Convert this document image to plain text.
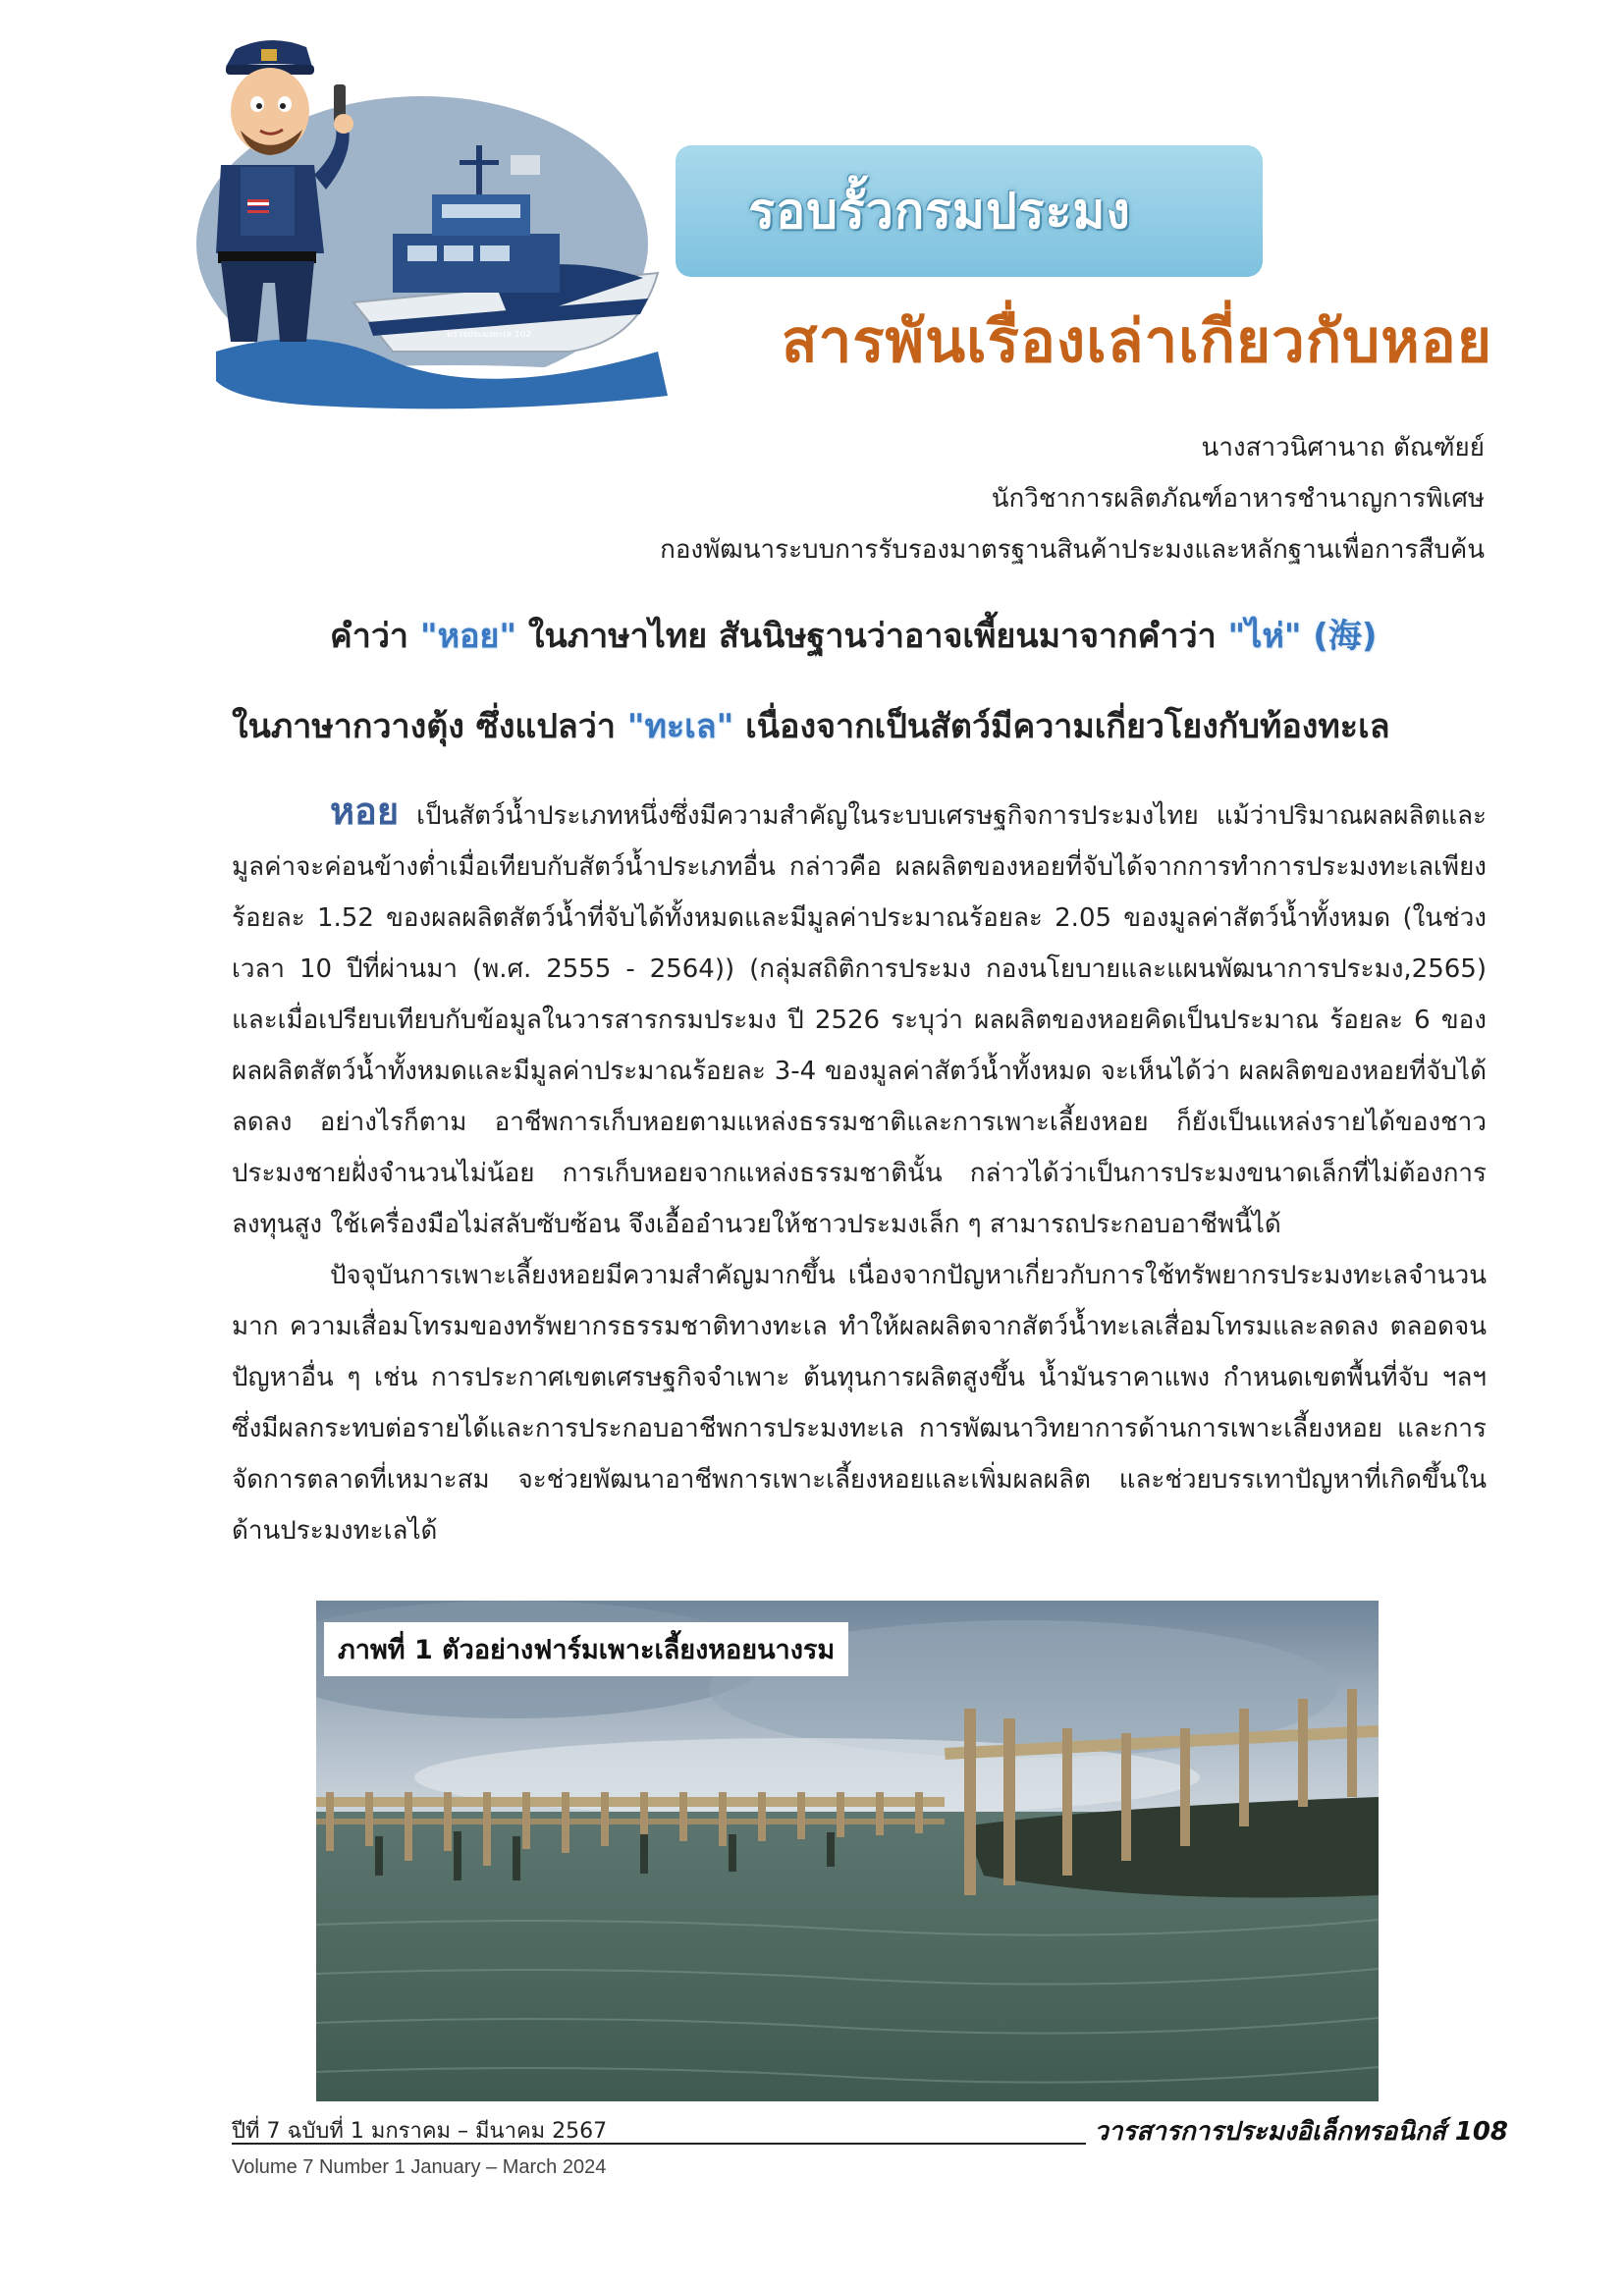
ตรวจประมงทะเล 102
รอบรั้วกรมประมง
สารพันเรื่องเล่าเกี่ยวกับหอย
นางสาวนิศานาถ ตัณฑัยย์
นักวิชาการผลิตภัณฑ์อาหารชำนาญการพิเศษ
กองพัฒนาระบบการรับรองมาตรฐานสินค้าประมงและหลักฐานเพื่อการสืบค้น
คำว่า "หอย" ในภาษาไทย สันนิษฐานว่าอาจเพี้ยนมาจากคำว่า "ไห่" (海)
ในภาษากวางตุ้ง ซึ่งแปลว่า "ทะเล" เนื่องจากเป็นสัตว์มีความเกี่ยวโยงกับท้องทะเล

หอย เป็นสัตว์น้ำประเภทหนึ่งซึ่งมีความสำคัญในระบบเศรษฐกิจการประมงไทย แม้ว่าปริมาณผลผลิตและมูลค่าจะค่อนข้างต่ำเมื่อเทียบกับสัตว์น้ำประเภทอื่น กล่าวคือ ผลผลิตของหอยที่จับได้จากการทำการประมงทะเลเพียง ร้อยละ 1.52 ของผลผลิตสัตว์น้ำที่จับได้ทั้งหมดและมีมูลค่าประมาณร้อยละ 2.05 ของมูลค่าสัตว์น้ำทั้งหมด (ในช่วงเวลา 10 ปีที่ผ่านมา (พ.ศ. 2555 - 2564)) (กลุ่มสถิติการประมง กองนโยบายและแผนพัฒนาการประมง,2565) และเมื่อเปรียบเทียบกับข้อมูลในวารสารกรมประมง ปี 2526 ระบุว่า ผลผลิตของหอยคิดเป็นประมาณ ร้อยละ 6 ของผลผลิตสัตว์น้ำทั้งหมดและมีมูลค่าประมาณร้อยละ 3-4 ของมูลค่าสัตว์น้ำทั้งหมด จะเห็นได้ว่า ผลผลิตของหอยที่จับได้ลดลง อย่างไรก็ตาม อาชีพการเก็บหอยตามแหล่งธรรมชาติและการเพาะเลี้ยงหอย ก็ยังเป็นแหล่งรายได้ของชาวประมงชายฝั่งจำนวนไม่น้อย การเก็บหอยจากแหล่งธรรมชาตินั้น กล่าวได้ว่าเป็นการประมงขนาดเล็กที่ไม่ต้องการลงทุนสูง ใช้เครื่องมือไม่สลับซับซ้อน จึงเอื้ออำนวยให้ชาวประมงเล็ก ๆ สามารถประกอบอาชีพนี้ได้

ปัจจุบันการเพาะเลี้ยงหอยมีความสำคัญมากขึ้น เนื่องจากปัญหาเกี่ยวกับการใช้ทรัพยากรประมงทะเลจำนวนมาก ความเสื่อมโทรมของทรัพยากรธรรมชาติทางทะเล ทำให้ผลผลิตจากสัตว์น้ำทะเลเสื่อมโทรมและลดลง ตลอดจนปัญหาอื่น ๆ เช่น การประกาศเขตเศรษฐกิจจำเพาะ ต้นทุนการผลิตสูงขึ้น น้ำมันราคาแพง กำหนดเขตพื้นที่จับ ฯลฯ ซึ่งมีผลกระทบต่อรายได้และการประกอบอาชีพการประมงทะเล การพัฒนาวิทยาการด้านการเพาะเลี้ยงหอย และการจัดการตลาดที่เหมาะสม จะช่วยพัฒนาอาชีพการเพาะเลี้ยงหอยและเพิ่มผลผลิต และช่วยบรรเทาปัญหาที่เกิดขึ้นในด้านประมงทะเลได้

ภาพที่ 1 ตัวอย่างฟาร์มเพาะเลี้ยงหอยนางรม
ปีที่ 7 ฉบับที่ 1 มกราคม – มีนาคม 2567	วารสารการประมงอิเล็กทรอนิกส์ 108
Volume 7 Number 1 January – March 2024
